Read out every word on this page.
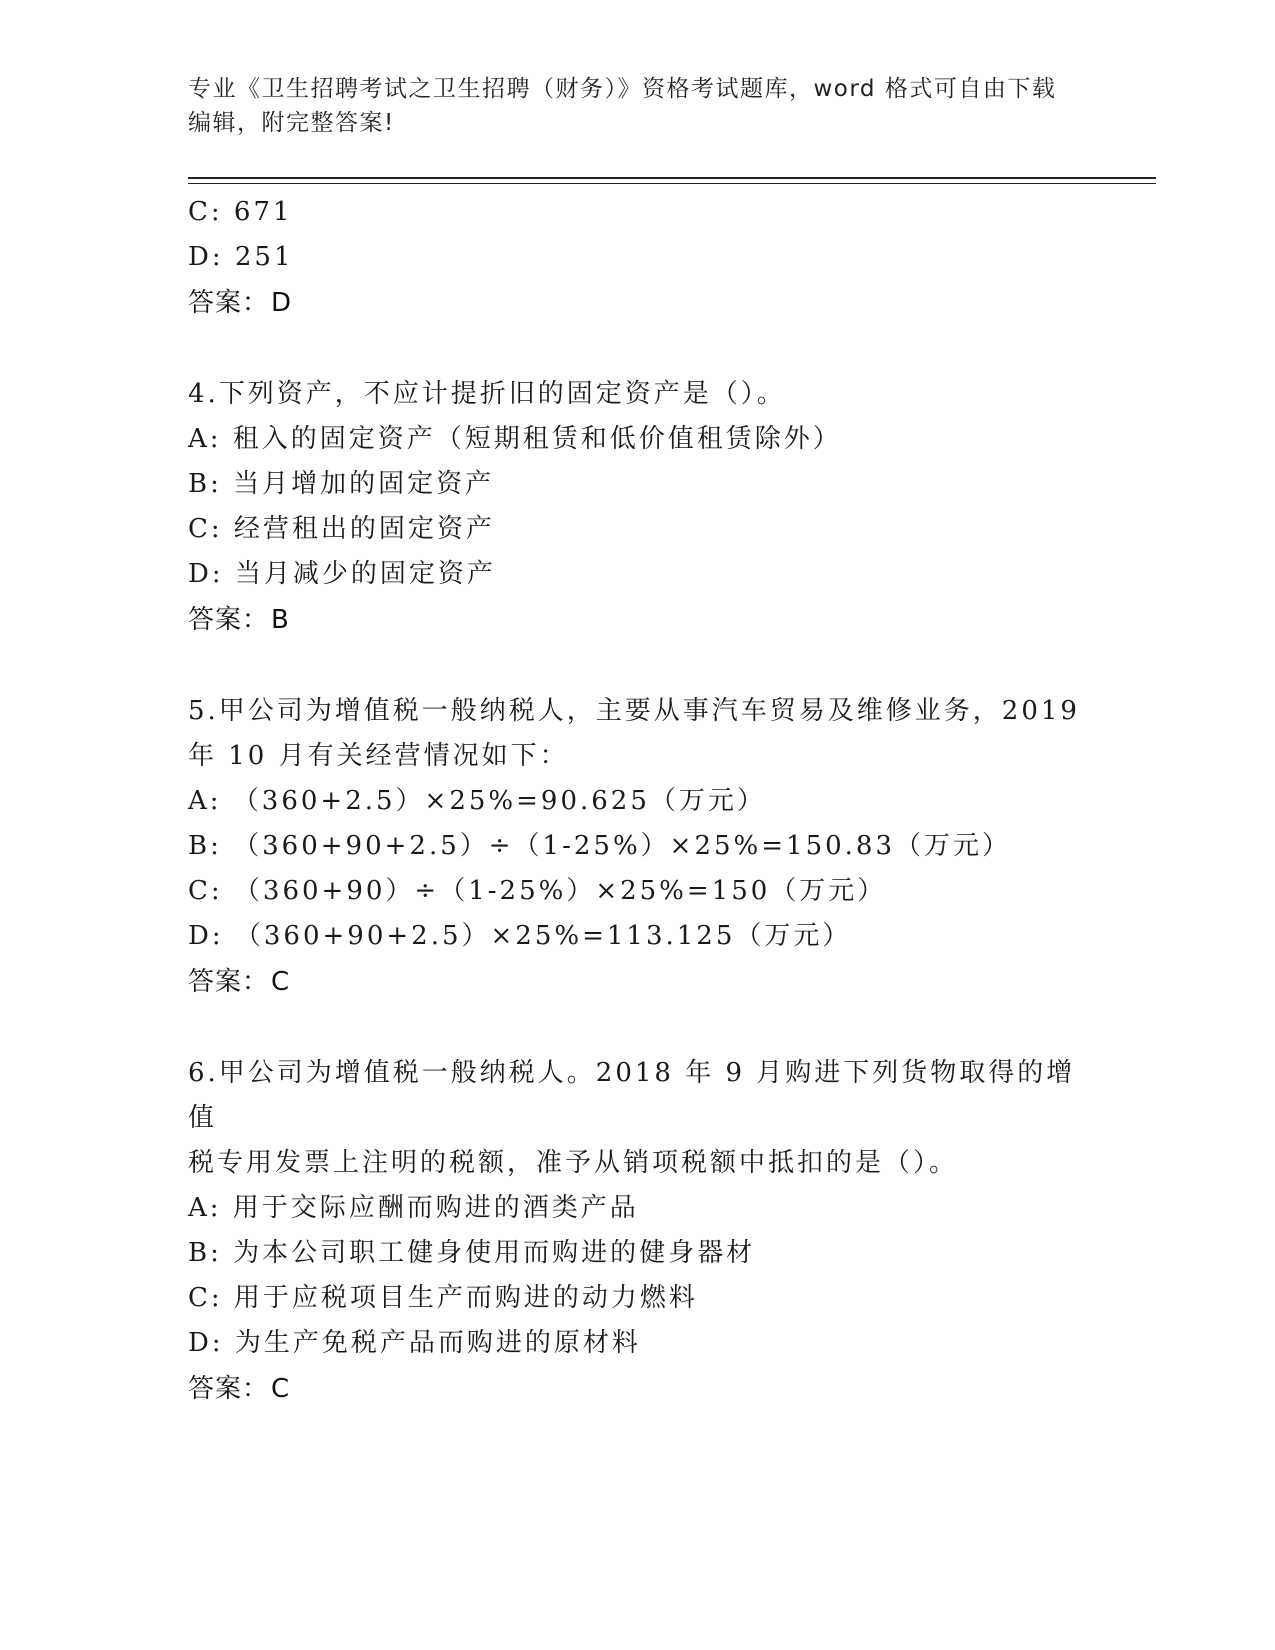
专业《卫生招聘考试之卫生招聘（财务）》资格考试题库，word 格式可自由下载
编辑，附完整答案!
C: 671
D: 251
答案：D
4.下列资产，不应计提折旧的固定资产是（）。
A: 租入的固定资产（短期租赁和低价值租赁除外）
B: 当月增加的固定资产
C: 经营租出的固定资产
D: 当月减少的固定资产
答案：B
5.甲公司为增值税一般纳税人，主要从事汽车贸易及维修业务，2019
年 10 月有关经营情况如下：
A: （360+2.5）×25%=90.625（万元）
B: （360+90+2.5）÷（1-25%）×25%=150.83（万元）
C: （360+90）÷（1-25%）×25%=150（万元）
D: （360+90+2.5）×25%=113.125（万元）
答案：C
6.甲公司为增值税一般纳税人。2018 年 9 月购进下列货物取得的增值
税专用发票上注明的税额，准予从销项税额中抵扣的是（）。
A: 用于交际应酬而购进的酒类产品
B: 为本公司职工健身使用而购进的健身器材
C: 用于应税项目生产而购进的动力燃料
D: 为生产免税产品而购进的原材料
答案：C
